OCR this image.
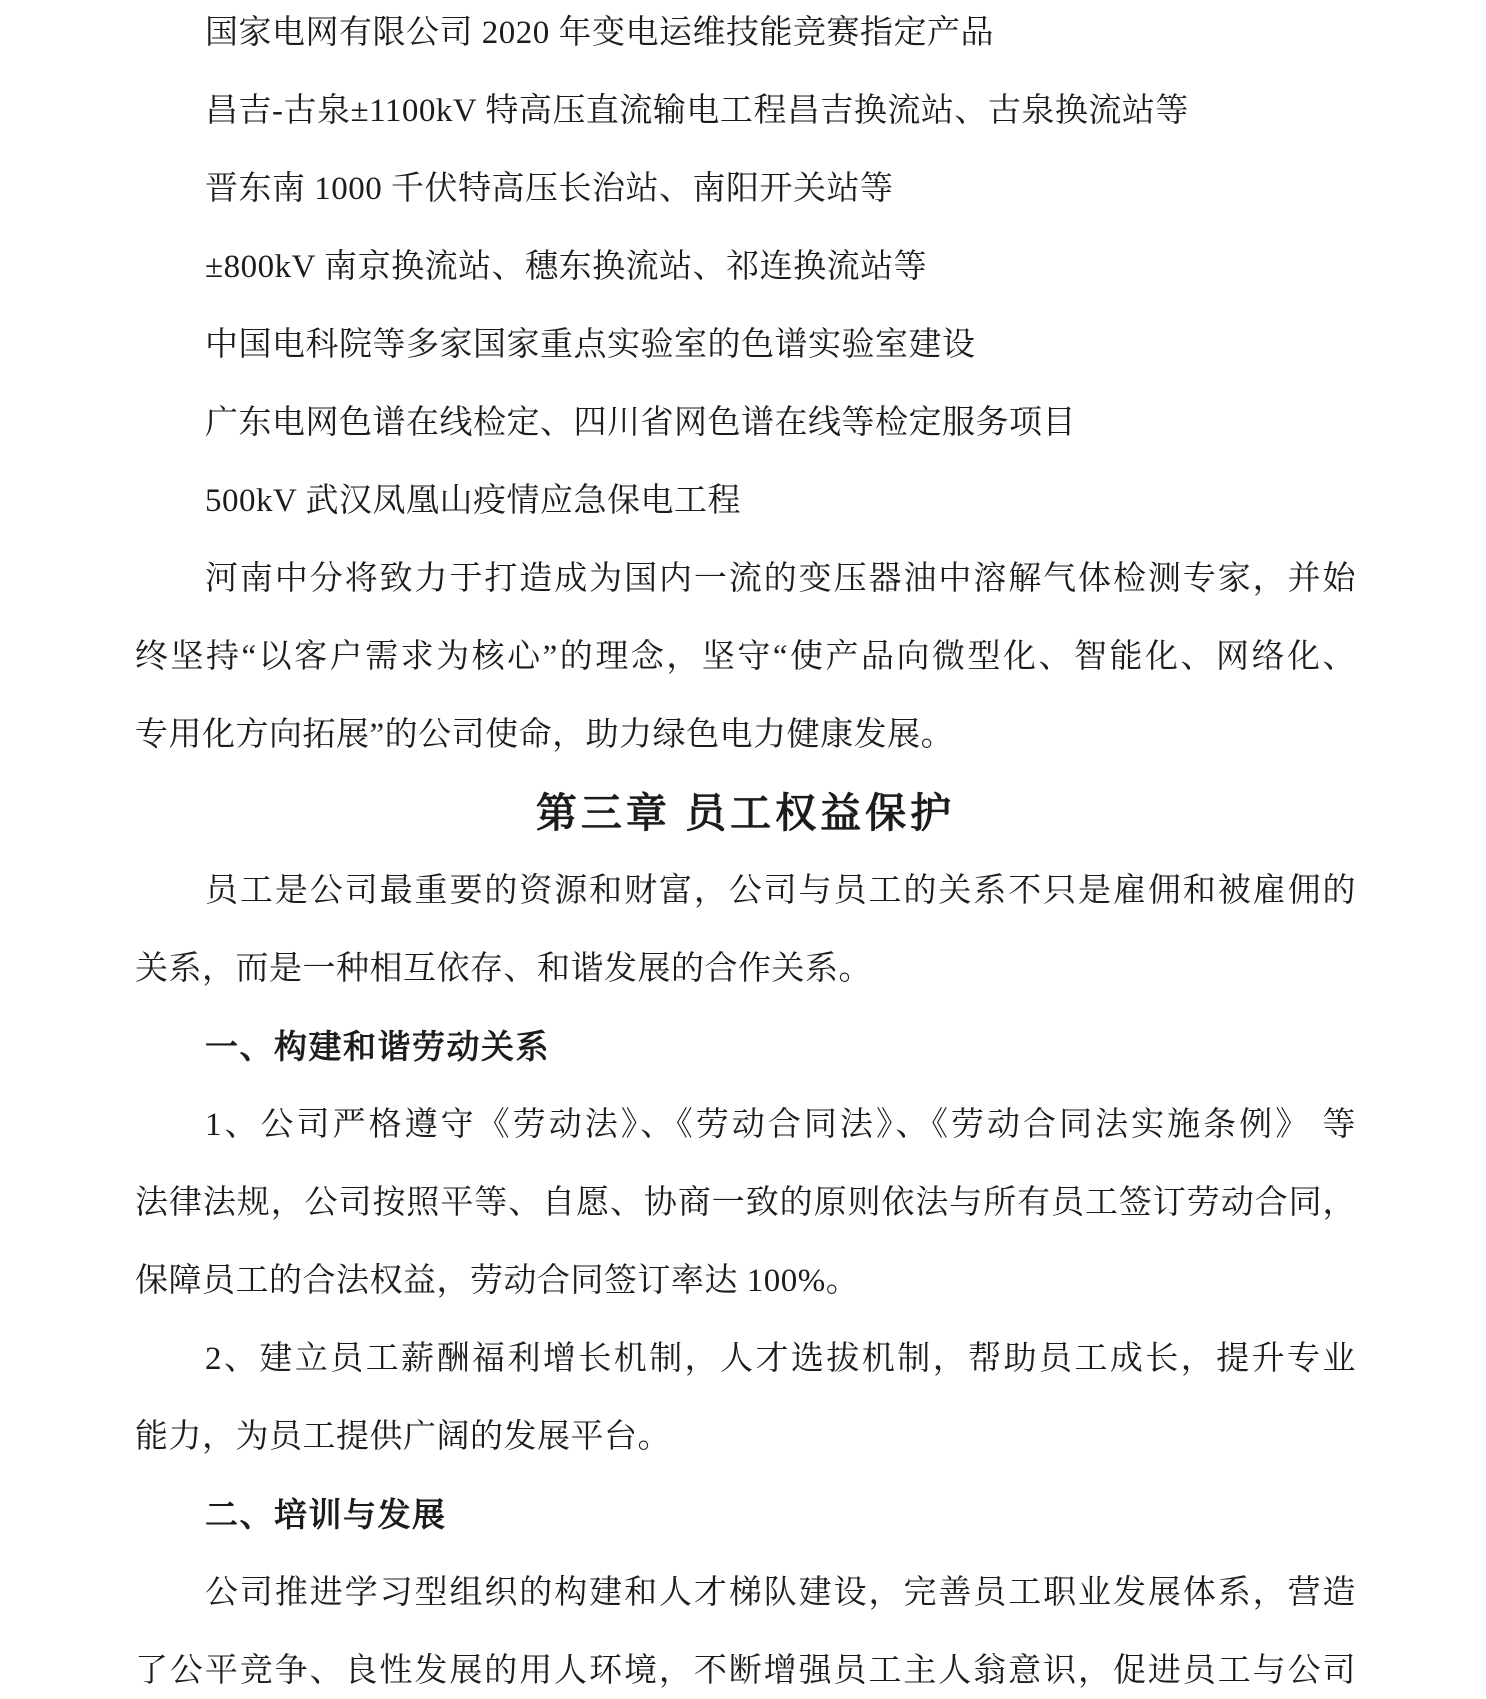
国家电网有限公司 2020 年变电运维技能竞赛指定产品
昌吉-古泉±1100kV 特高压直流输电工程昌吉换流站、古泉换流站等
晋东南 1000 千伏特高压长治站、南阳开关站等
±800kV 南京换流站、穗东换流站、祁连换流站等
中国电科院等多家国家重点实验室的色谱实验室建设
广东电网色谱在线检定、四川省网色谱在线等检定服务项目
500kV 武汉凤凰山疫情应急保电工程
河南中分将致力于打造成为国内一流的变压器油中溶解气体检测专家，并始
终坚持“以客户需求为核心”的理念，坚守“使产品向微型化、智能化、网络化、
专用化方向拓展”的公司使命，助力绿色电力健康发展。
第三章 员工权益保护
员工是公司最重要的资源和财富，公司与员工的关系不只是雇佣和被雇佣的
关系，而是一种相互依存、和谐发展的合作关系。
一、构建和谐劳动关系
1、公司严格遵守《劳动法》、《劳动合同法》、《劳动合同法实施条例》 等
法律法规，公司按照平等、自愿、协商一致的原则依法与所有员工签订劳动合同，
保障员工的合法权益，劳动合同签订率达 100%。
2、建立员工薪酬福利增长机制，人才选拔机制，帮助员工成长，提升专业
能力，为员工提供广阔的发展平台。
二、培训与发展
公司推进学习型组织的构建和人才梯队建设，完善员工职业发展体系，营造
了公平竞争、良性发展的用人环境，不断增强员工主人翁意识，促进员工与公司
